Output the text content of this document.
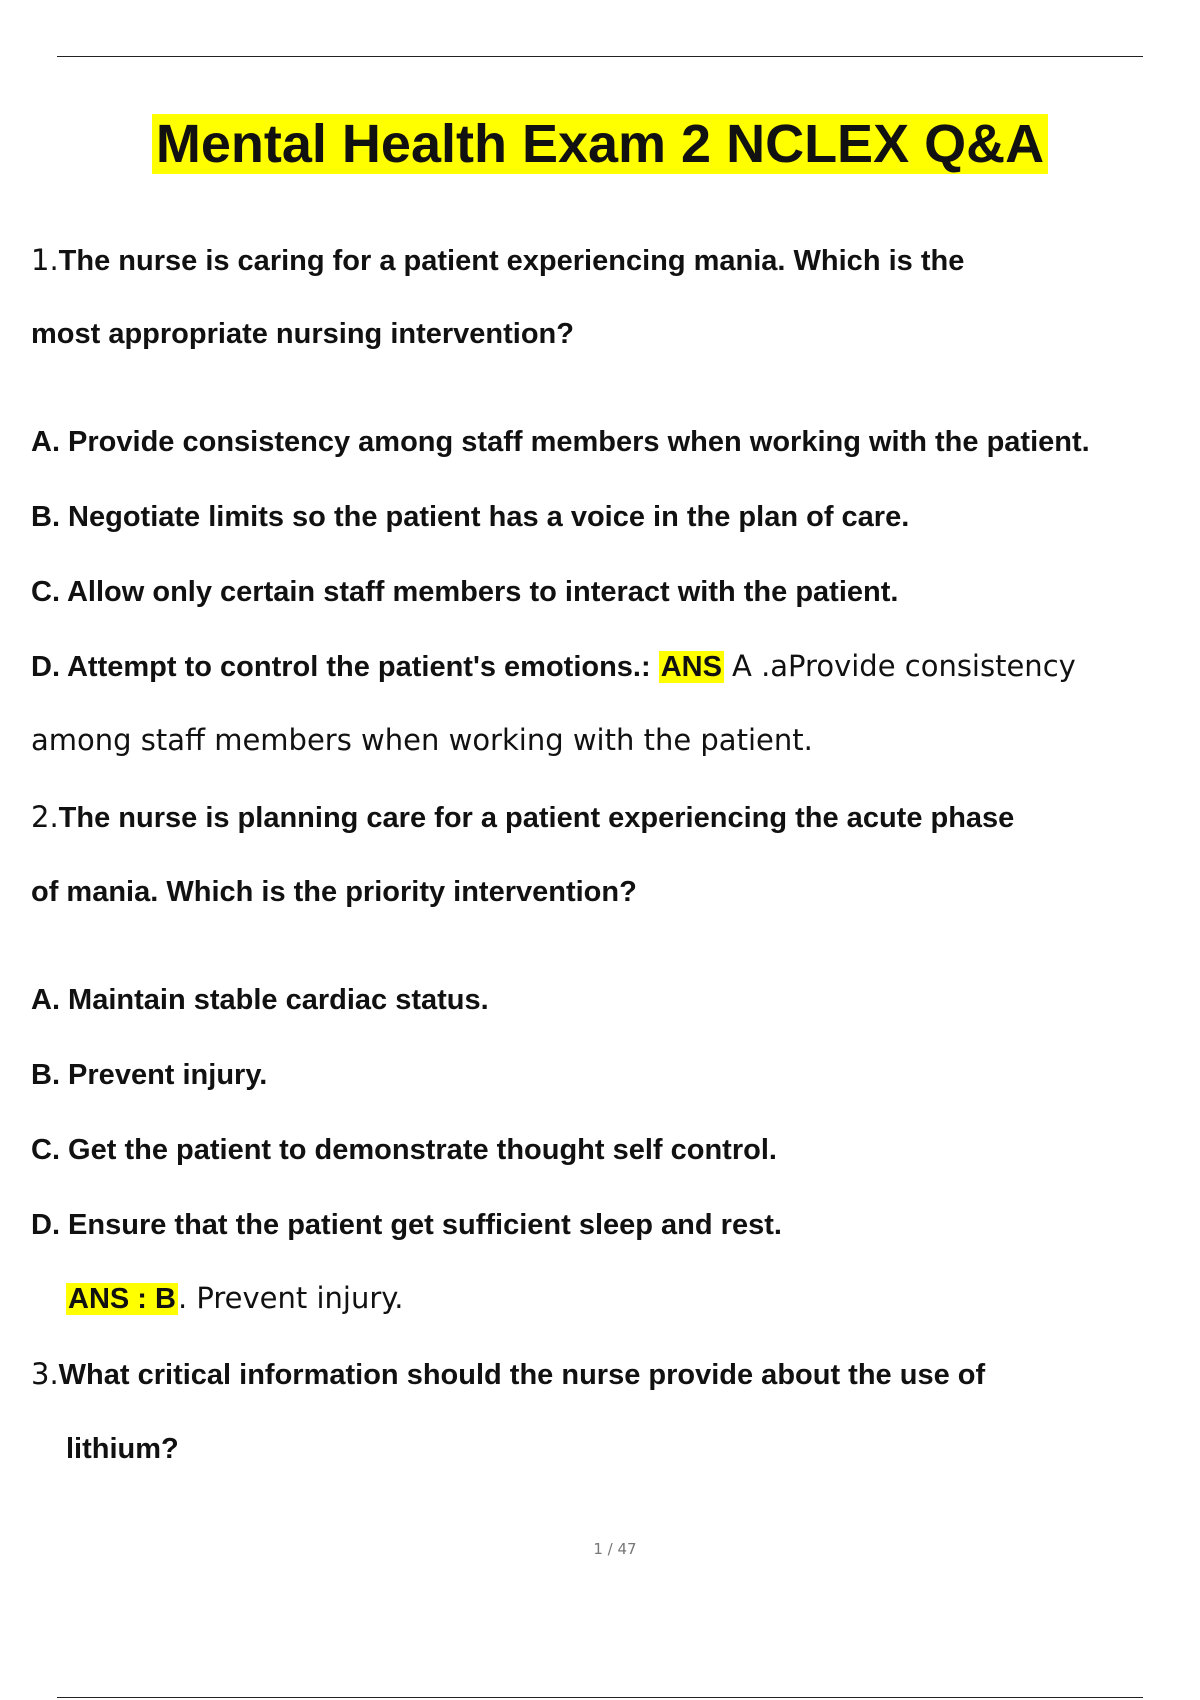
Mental Health Exam 2 NCLEX Q&A
1.The nurse is caring for a patient experiencing mania. Which is the
most appropriate nursing intervention?
A. Provide consistency among staff members when working with the patient.
B. Negotiate limits so the patient has a voice in the plan of care.
C. Allow only certain staff members to interact with the patient.
D. Attempt to control the patient's emotions.: ANS A .aProvide consistency
among staff members when working with the patient.
2.The nurse is planning care for a patient experiencing the acute phase
of mania. Which is the priority intervention?
A. Maintain stable cardiac status.
B. Prevent injury.
C. Get the patient to demonstrate thought self control.
D. Ensure that the patient get sufficient sleep and rest.
ANS : B. Prevent injury.
3.What critical information should the nurse provide about the use of
lithium?
1 / 47
